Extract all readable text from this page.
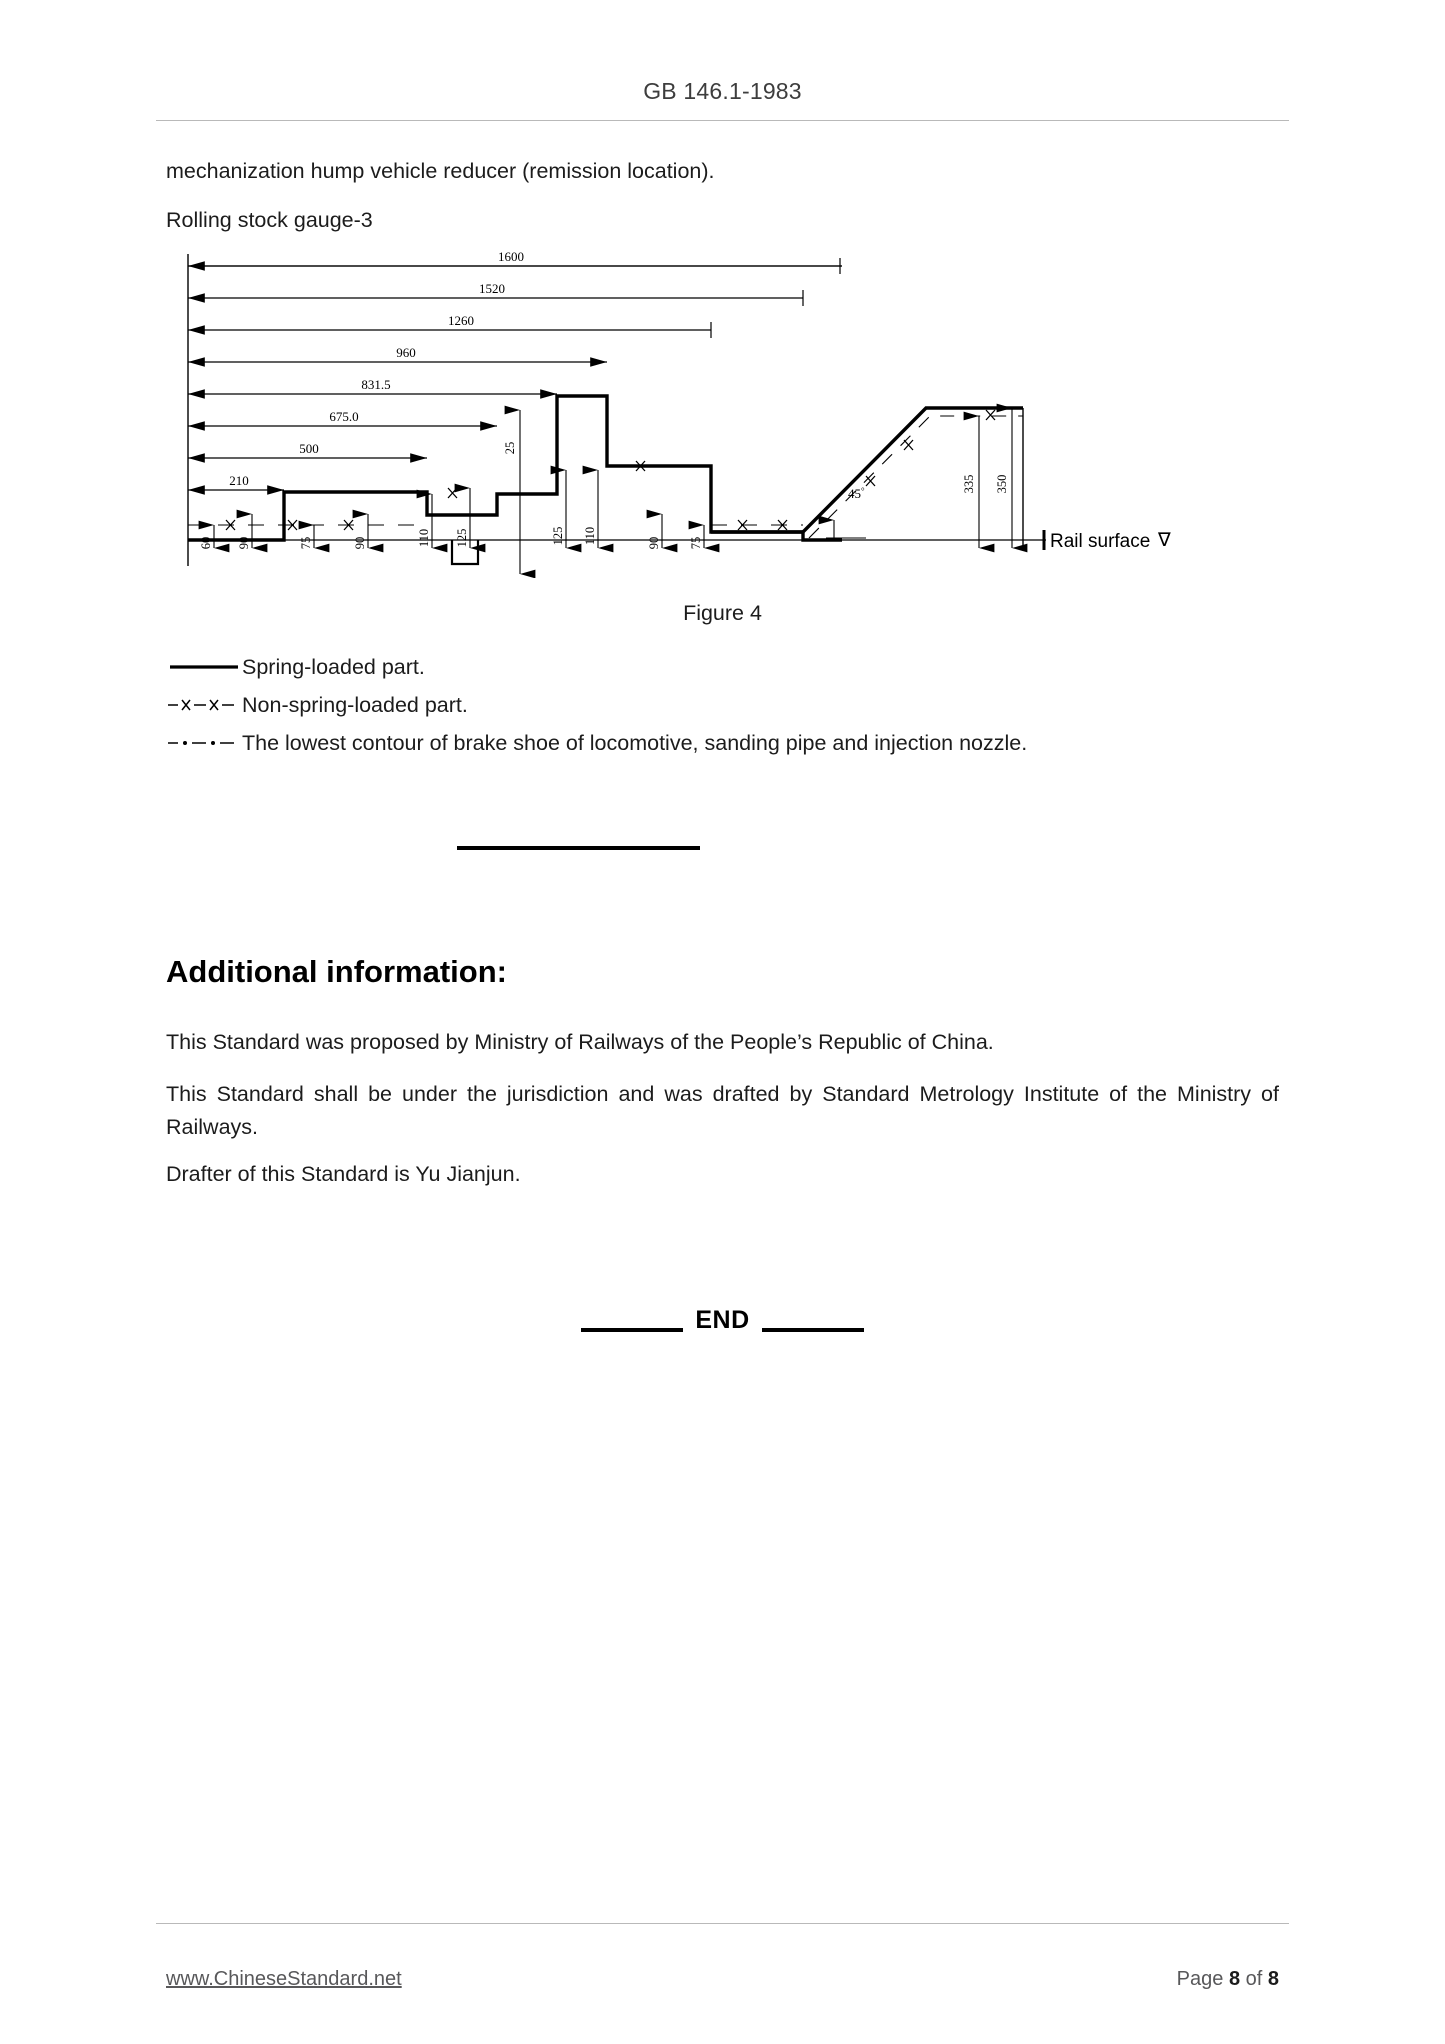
GB 146.1-1983
mechanization hump vehicle reducer (remission location).
Rolling stock gauge-3
1600
1520
1260
960
831.5
675.0
500
210
45°
60 90	75	90	110 125
25
125 110	90 75
335 350
Rail surface ∇
Figure 4
Spring-loaded part.
Non-spring-loaded part.
The lowest contour of brake shoe of locomotive, sanding pipe and injection nozzle.
Additional information:
This Standard was proposed by Ministry of Railways of the People’s Republic of China.
This Standard shall be under the jurisdiction and was drafted by Standard Metrology Institute of the Ministry of Railways.
Drafter of this Standard is Yu Jianjun.
END
www.ChineseStandard.net	Page 8 of 8
